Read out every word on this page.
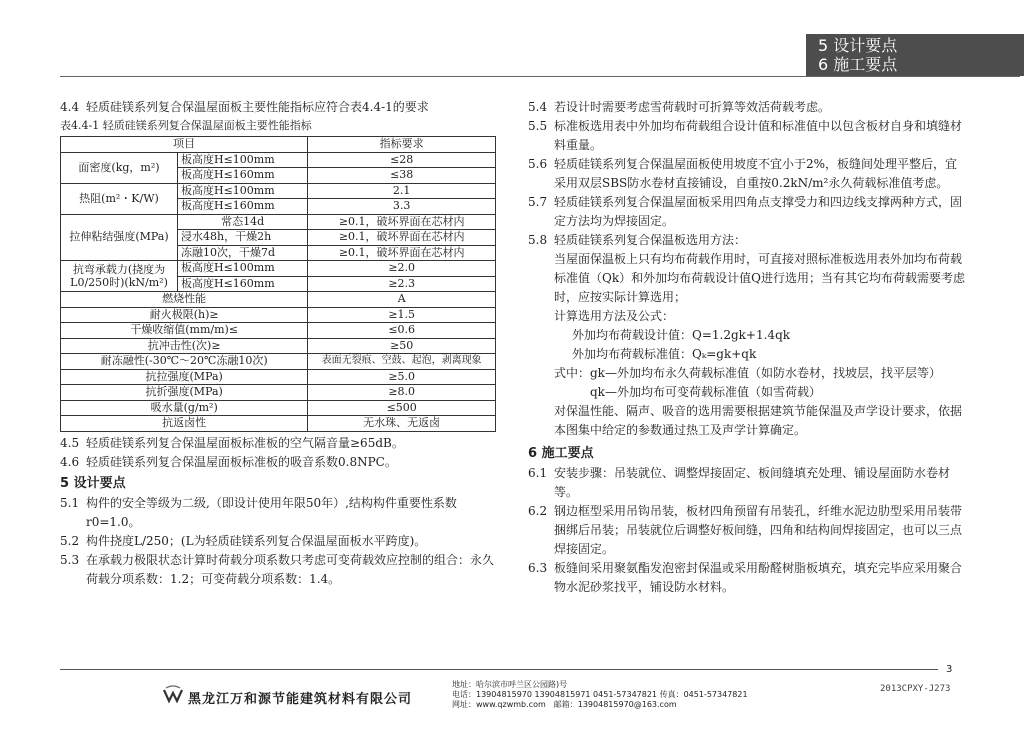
5 设计要点
6 施工要点
4.4 轻质硅镁系列复合保温屋面板主要性能指标应符合表4.4-1的要求
表4.4-1 轻质硅镁系列复合保温屋面板主要性能指标
项目		指标要求
面密度(kg，m²)	板高度H≤100mm	≤28
	板高度H≤160mm	≤38
热阻(m²・K/W)	板高度H≤100mm	2.1
	板高度H≤160mm	3.3
拉伸粘结强度(MPa)	常态14d	≥0.1，破坏界面在芯材内
	浸水48h，干燥2h	≥0.1，破坏界面在芯材内
	冻融10次，干燥7d	≥0.1，破坏界面在芯材内

抗弯承载力(挠度为
L0/250时)(kN/m²)	板高度H≤100mm	≥2.0
	板高度H≤160mm	≥2.3
燃烧性能		A
耐火极限(h)≥		≥1.5
干燥收缩值(mm/m)≤		≤0.6
抗冲击性(次)≥		≥50
耐冻融性(-30℃～20℃冻融10次)		表面无裂痕、空鼓、起泡，剥离现象
抗拉强度(MPa)		≥5.0
抗折强度(MPa)		≥8.0
吸水量(g/m²)		≤500
抗返卤性		无水珠、无返卤
4.5 轻质硅镁系列复合保温屋面板标准板的空气隔音量≥65dB。
4.6 轻质硅镁系列复合保温屋面板标准板的吸音系数0.8NPC。
5 设计要点
5.1 构件的安全等级为二级,（即设计使用年限50年）,结构构件重要性系数r0=1.0。
5.2 构件挠度L/250；(L为轻质硅镁系列复合保温屋面板水平跨度)。
5.3 在承载力极限状态计算时荷载分项系数只考虑可变荷载效应控制的组合：永久荷载分项系数：1.2；可变荷载分项系数：1.4。
5.4 若设计时需要考虑雪荷载时可折算等效活荷载考虑。
5.5 标准板选用表中外加均布荷载组合设计值和标准值中以包含板材自身和填缝材料重量。
5.6 轻质硅镁系列复合保温屋面板使用坡度不宜小于2%，板缝间处理平整后，宜采用双层SBS防水卷材直接铺设，自重按0.2kN/m²永久荷载标准值考虑。
5.7 轻质硅镁系列复合保温屋面板采用四角点支撑受力和四边线支撑两种方式，固定方法均为焊接固定。
5.8 轻质硅镁系列复合保温板选用方法：

当屋面保温板上只有均布荷载作用时，可直接对照标准板选用表外加均布荷载标准值（Qk）和外加均布荷载设计值Q进行选用；当有其它均布荷载需要考虑时，应按实际计算选用；

计算选用方法及公式：

外加均布荷载设计值：Q=1.2gk+1.4qk

外加均布荷载标准值：Qₖ=gk+qk

式中：gk—外加均布永久荷载标准值（如防水卷材，找坡层，找平层等）

qk—外加均布可变荷载标准值（如雪荷载）

对保温性能、隔声、吸音的选用需要根据建筑节能保温及声学设计要求，依据本图集中给定的参数通过热工及声学计算确定。

6 施工要点
6.1 安装步骤：吊装就位、调整焊接固定、板间缝填充处理、铺设屋面防水卷材等。
6.2 钢边框型采用吊钩吊装，板材四角预留有吊装孔，纤维水泥边肋型采用吊装带捆绑后吊装；吊装就位后调整好板间缝，四角和结构间焊接固定，也可以三点焊接固定。
6.3 板缝间采用聚氨酯发泡密封保温或采用酚醛树脂板填充，填充完毕应采用聚合物水泥砂浆找平，铺设防水材料。
3
黑龙江万和源节能建筑材料有限公司
地址：哈尔滨市呼兰区公园路)号
电话：13904815970 13904815971 0451-57347821 传真：0451-57347821
网址：www.qzwmb.com　邮箱：13904815970@163.com
2013CPXY-J273
